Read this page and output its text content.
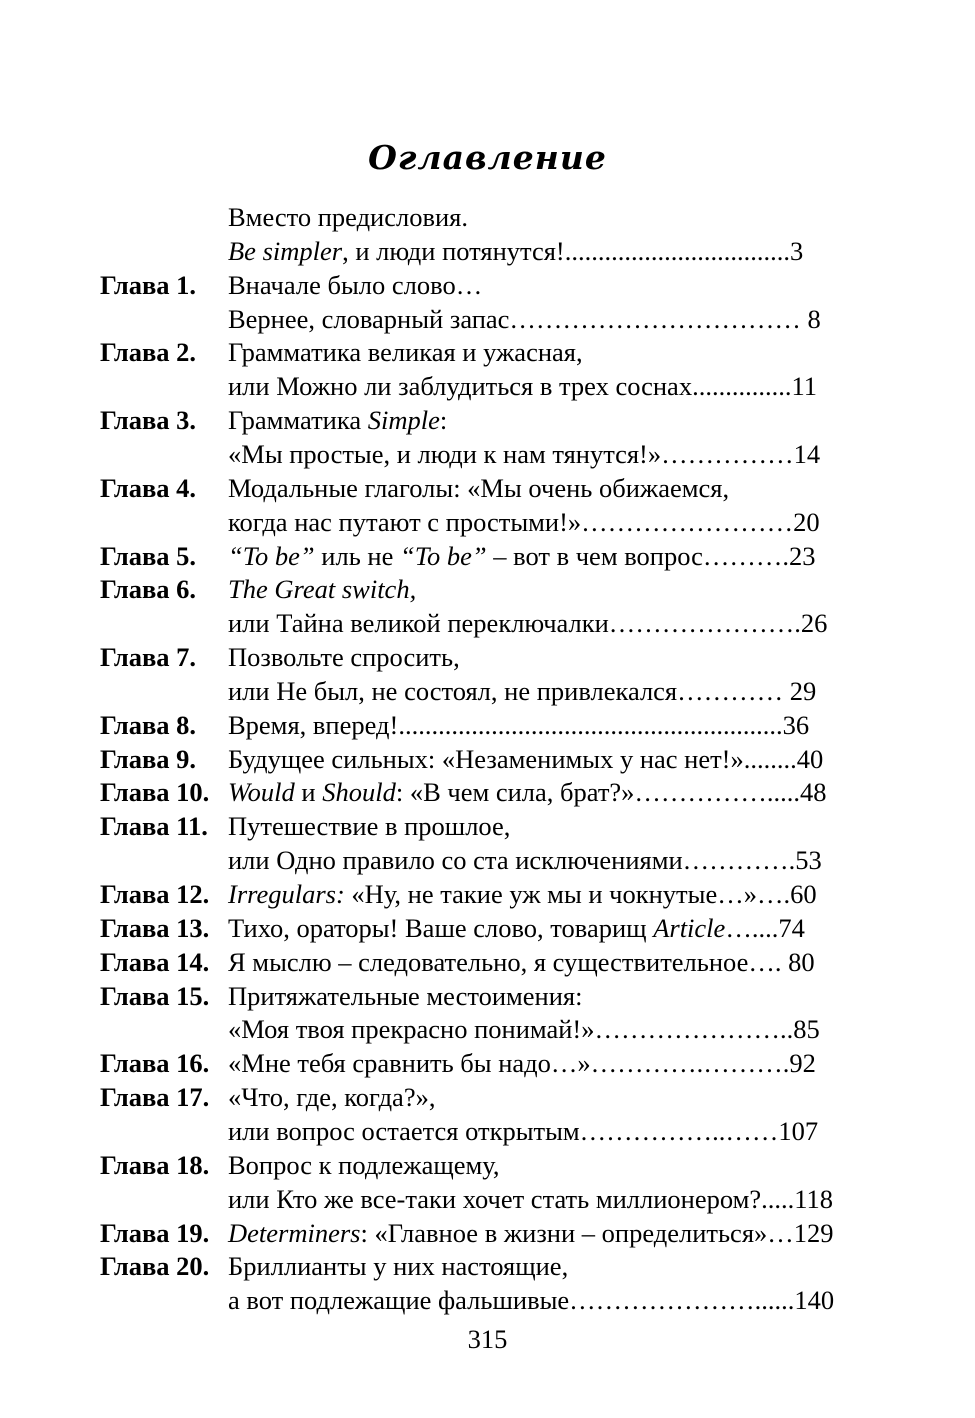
Оглавление
Вместо предисловия.
Be simpler, и люди потянутся!..................................3
Глава 1. Вначале было слово…
Вернее, словарный запас…………………………… 8
Глава 2. Грамматика великая и ужасная,
или Можно ли заблудиться в трех соснах...............11
Глава 3. Грамматика Simple:
«Мы простые, и люди к нам тянутся!»……………14
Глава 4. Модальные глаголы: «Мы очень обижаемся,
когда нас путают с простыми!»……………………20
Глава 5. “To be” иль не “To be” – вот в чем вопрос……….23
Глава 6. The Great switch,
или Тайна великой переключалки………………….26
Глава 7. Позвольте спросить,
или Не был, не состоял, не привлекался………… 29
Глава 8. Время, вперед!..........................................................36
Глава 9. Будущее сильных: «Незаменимых у нас нет!»........40
Глава 10. Would и Should: «В чем сила, брат?»…………….....48
Глава 11. Путешествие в прошлое,
или Одно правило со ста исключениями………….53
Глава 12. Irregulars: «Ну, не такие уж мы и чокнутые…»….60
Глава 13. Тихо, ораторы! Ваше слово, товарищ Article…....74
Глава 14. Я мыслю – следовательно, я существительное…. 80
Глава 15. Притяжательные местоимения:
«Моя твоя прекрасно понимай!»…………………..85
Глава 16. «Мне тебя сравнить бы надо…»………….……….92
Глава 17. «Что, где, когда?»,
или вопрос остается открытым……………..……107
Глава 18. Вопрос к подлежащему,
или Кто же все-таки хочет стать миллионером?.....118
Глава 19. Determiners: «Главное в жизни – определиться»…129
Глава 20. Бриллианты у них настоящие,
а вот подлежащие фальшивые…………………......140
315
